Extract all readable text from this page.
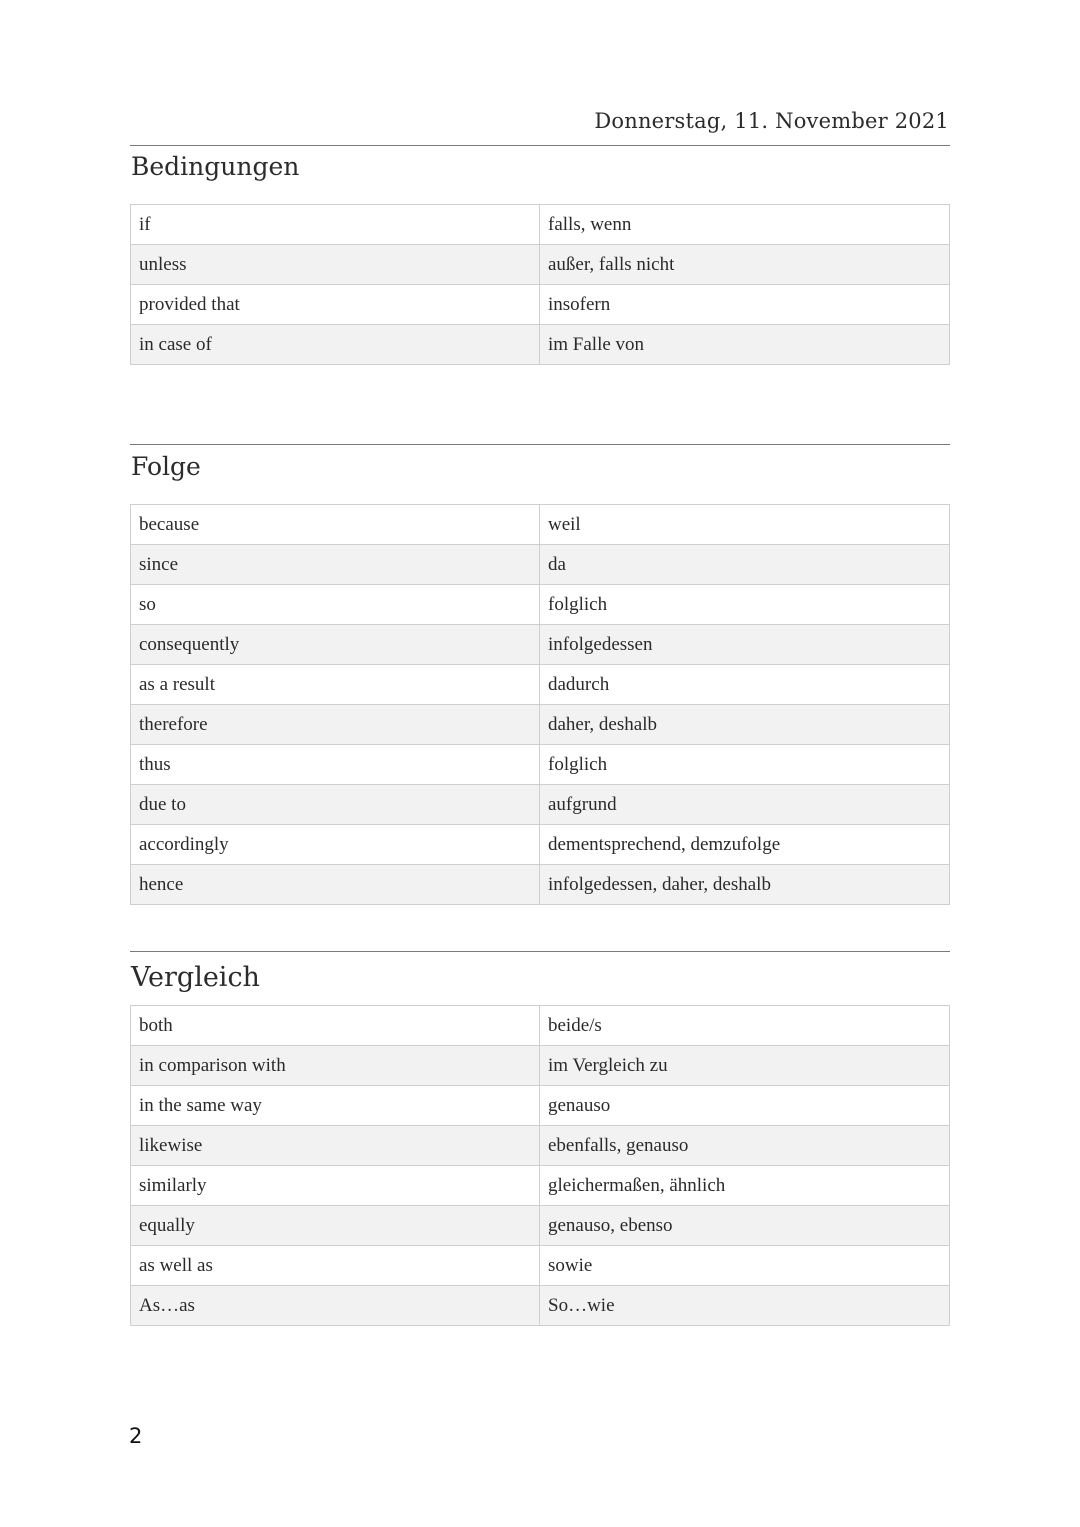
Donnerstag, 11. November 2021
Bedingungen
if	falls, wenn
unless	außer, falls nicht
provided that	insofern
in case of	im Falle von
Folge
because	weil
since	da
so	folglich
consequently	infolgedessen
as a result	dadurch
therefore	daher, deshalb
thus	folglich
due to	aufgrund
accordingly	dementsprechend, demzufolge
hence	infolgedessen, daher, deshalb
Vergleich
both	beide/s
in comparison with	im Vergleich zu
in the same way	genauso
likewise	ebenfalls, genauso
similarly	gleichermaßen, ähnlich
equally	genauso, ebenso
as well as	sowie
As…as	So…wie
2
